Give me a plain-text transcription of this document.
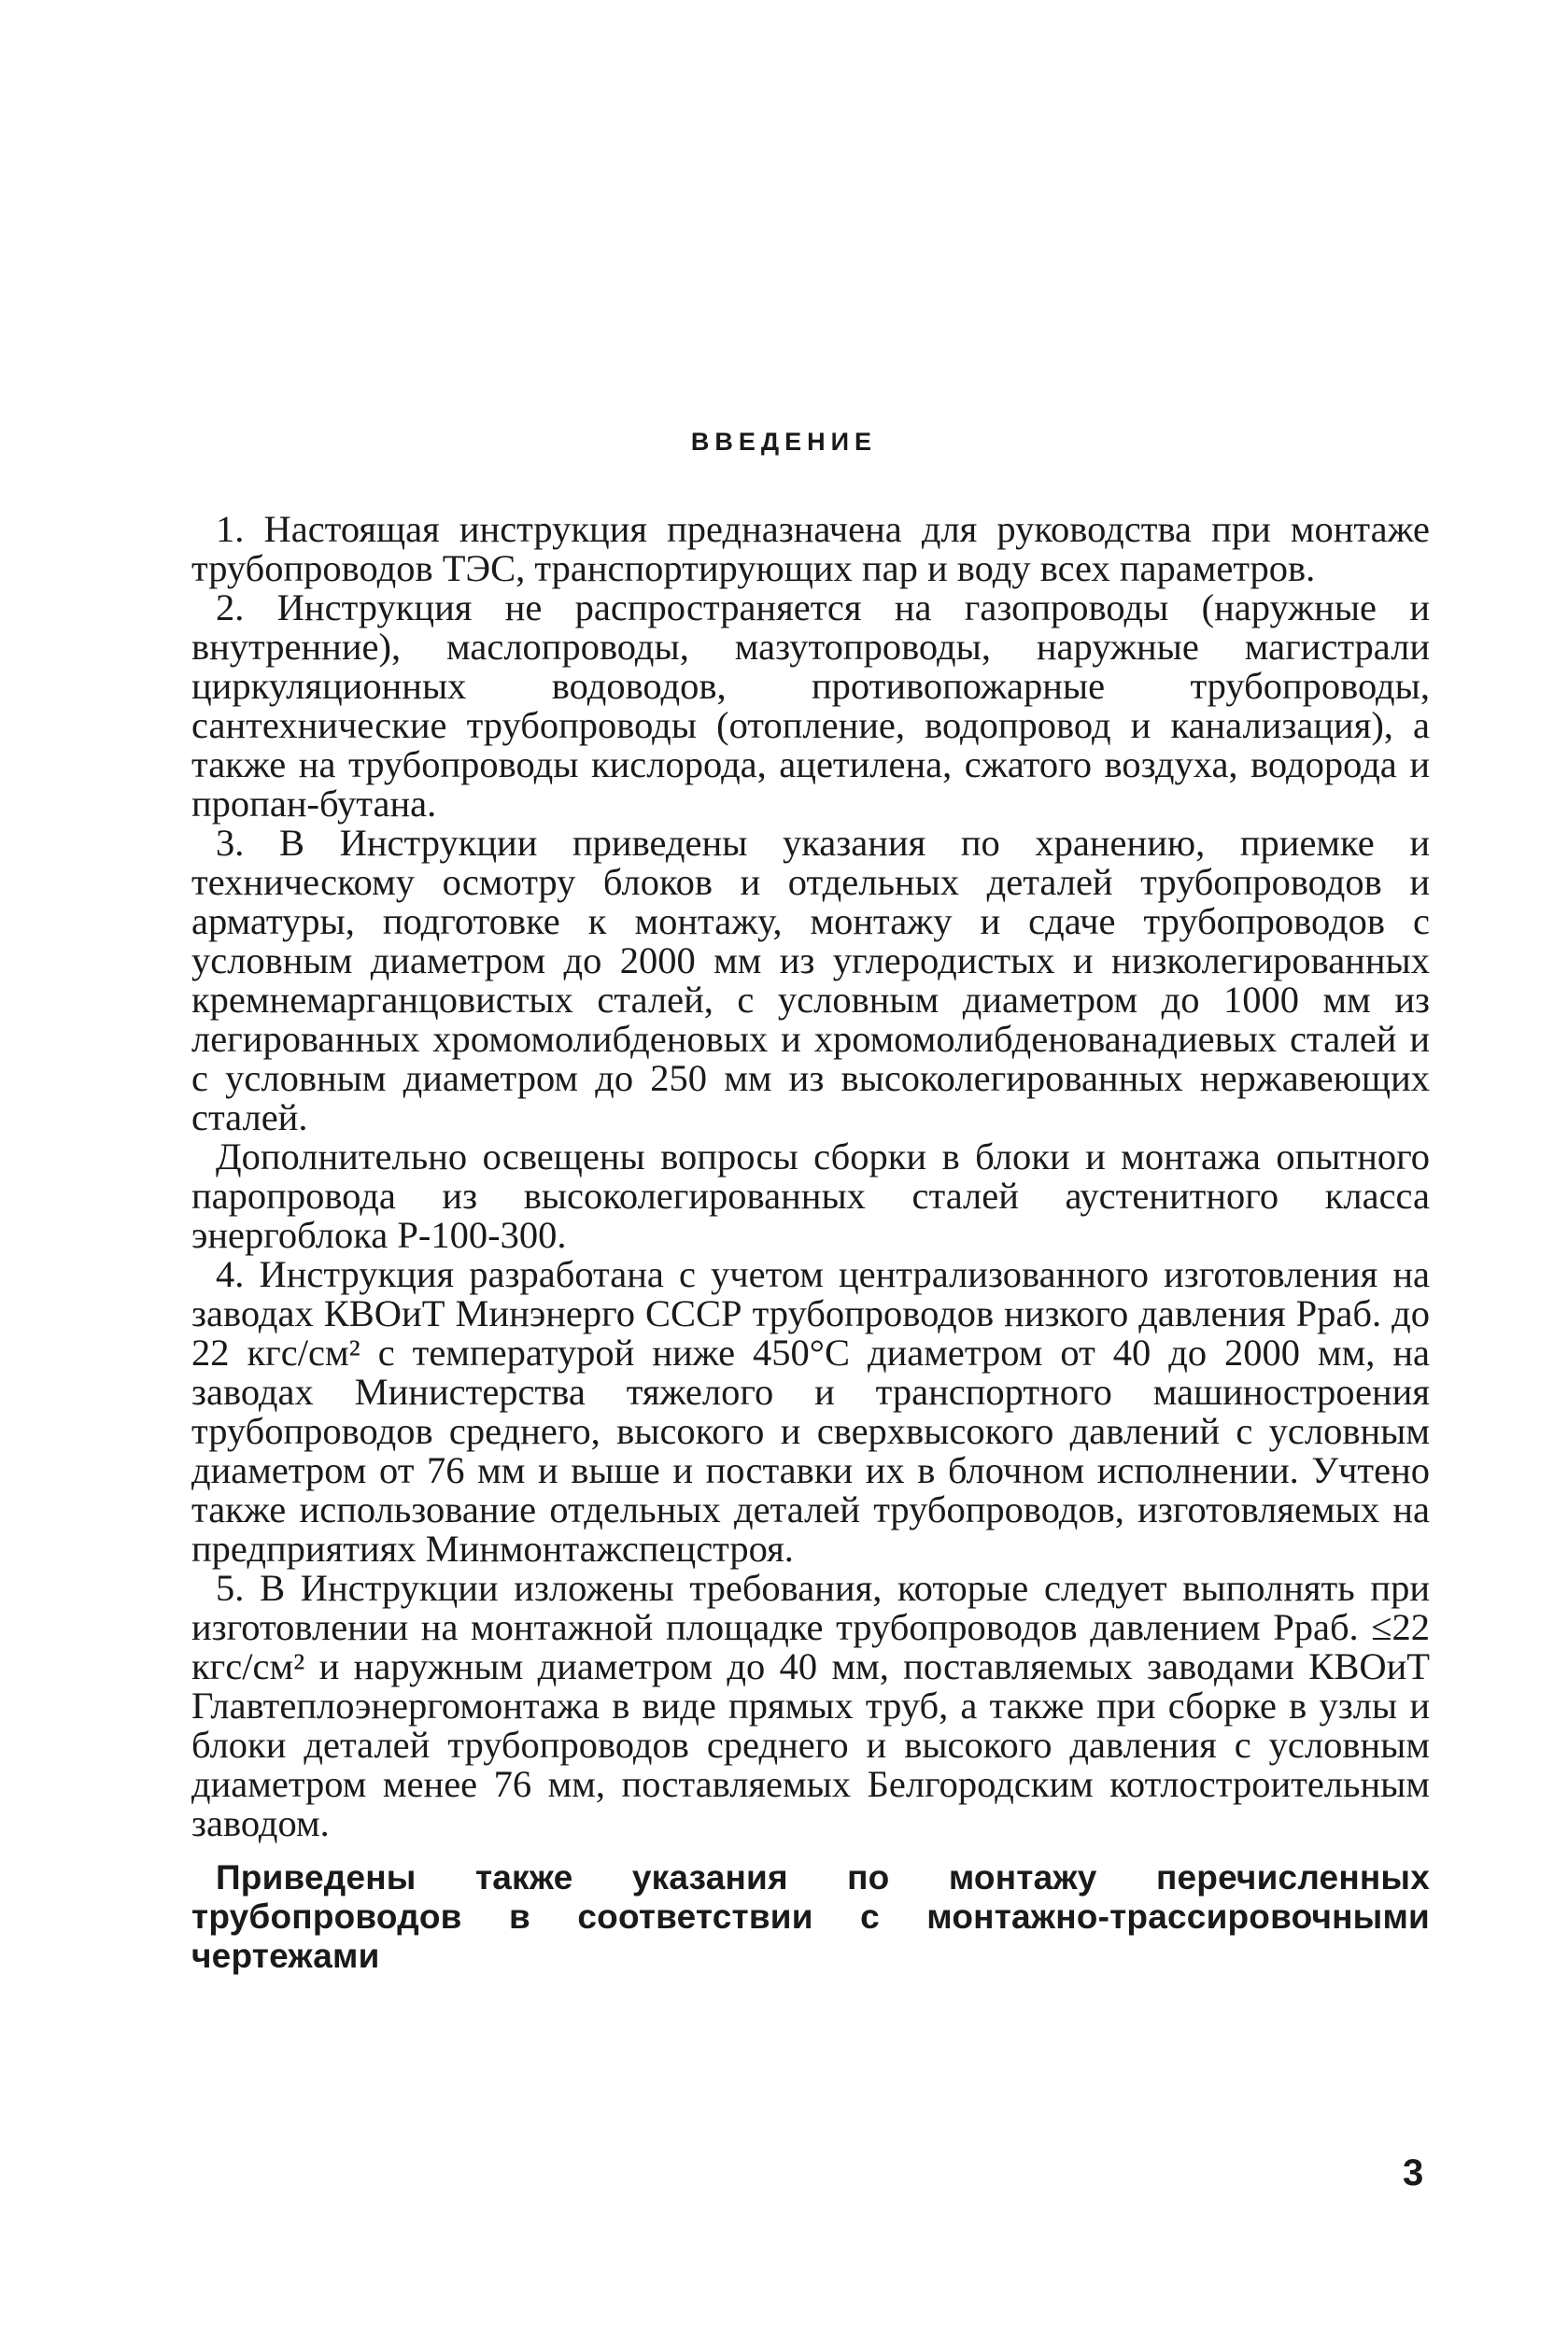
ВВЕДЕНИЕ

1. Настоящая инструкция предназначена для руководства при монтаже трубопроводов ТЭС, транспортирующих пар и воду всех параметров.

2. Инструкция не распространяется на газопроводы (наружные и внутренние), маслопроводы, мазутопроводы, наружные магистрали циркуляционных водоводов, противопожарные трубопроводы, сантехнические трубопроводы (отопление, водопровод и канализация), а также на трубопроводы кислорода, ацетилена, сжатого воздуха, водорода и пропан-бутана.

3. В Инструкции приведены указания по хранению, приемке и техническому осмотру блоков и отдельных деталей трубопроводов и арматуры, подготовке к монтажу, монтажу и сдаче трубопроводов с условным диаметром до 2000 мм из углеродистых и низколегированных кремнемарганцовистых сталей, с условным диаметром до 1000 мм из легированных хромомолибденовых и хромомолибденованадиевых сталей и с условным диаметром до 250 мм из высоколегированных нержавеющих сталей.

Дополнительно освещены вопросы сборки в блоки и монтажа опытного паропровода из высоколегированных сталей аустенитного класса энергоблока Р-100-300.

4. Инструкция разработана с учетом централизованного изготовления на заводах КВОиТ Минэнерго СССР трубопроводов низкого давления Pраб. до 22 кгс/см² с температурой ниже 450°С диаметром от 40 до 2000 мм, на заводах Министерства тяжелого и транспортного машиностроения трубопроводов среднего, высокого и сверхвысокого давлений с условным диаметром от 76 мм и выше и поставки их в блочном исполнении. Учтено также использование отдельных деталей трубопроводов, изготовляемых на предприятиях Минмонтажспецстроя.

5. В Инструкции изложены требования, которые следует выполнять при изготовлении на монтажной площадке трубопроводов давлением Pраб. ≤22 кгс/см² и наружным диаметром до 40 мм, поставляемых заводами КВОиТ Главтеплоэнергомонтажа в виде прямых труб, а также при сборке в узлы и блоки деталей трубопроводов среднего и высокого давления с условным диаметром менее 76 мм, поставляемых Белгородским котлостроительным заводом.

Приведены также указания по монтажу перечисленных трубопроводов в соответствии с монтажно-трассировочными чертежами

3
